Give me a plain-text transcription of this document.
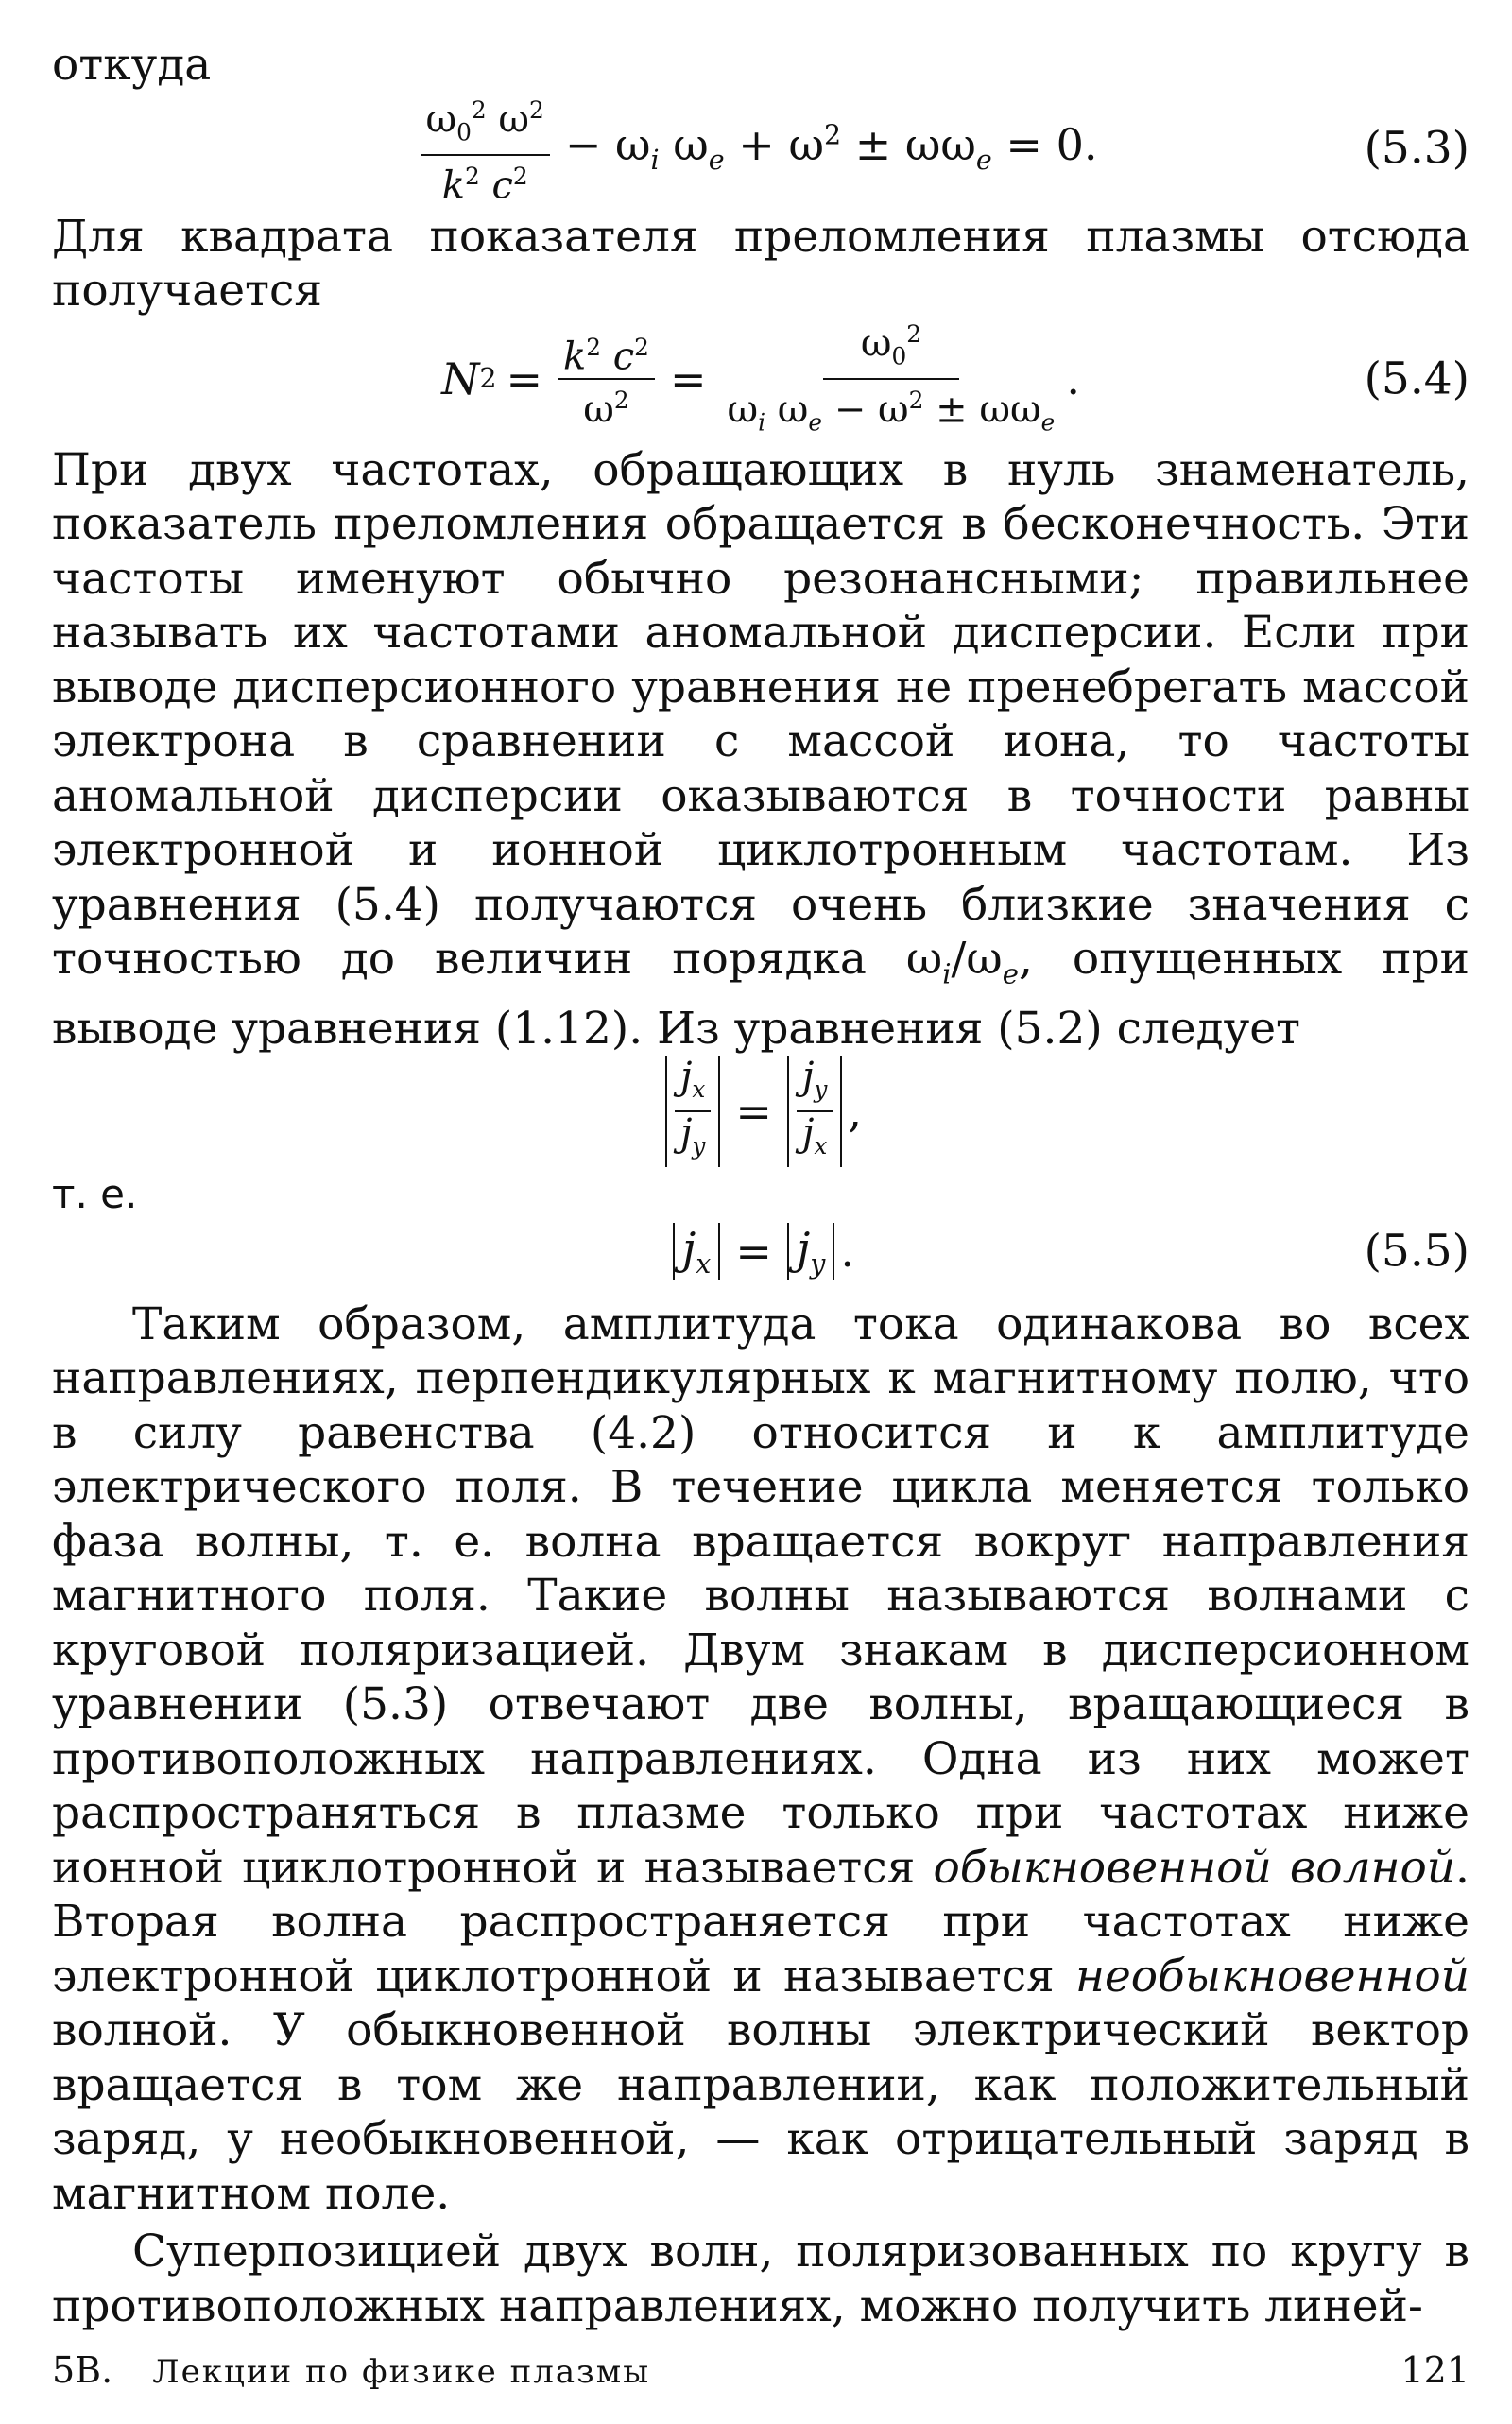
откуда

$\frac{\omega_0^2 \omega^2}{k^2 c^2} - \omega_i$ $\omega_e + \omega^2 \pm \omega\omega_e = 0$.	(5.3)

Для квадрата показателя преломления плазмы отсюда получается

N $2 = \frac{k^2 c^2}{\omega^2} = \frac{\omega_0^2}{\omega_i \omega_e - \omega^2 \pm \omega\omega_e}$ .	(5.4)

При двух частотах, обращающих в нуль знаменатель, показатель преломления обращается в бесконечность. Эти частоты именуют обычно резонансными; правильнее называть их частотами аномальной дисперсии. Если при выводе дисперсионного уравнения не пренебрегать массой электрона в сравнении с массой иона, то частоты аномальной дисперсии оказываются в точности равны электронной и ионной циклотронным частотам. Из уравнения (5.4) получаются очень близкие значения с точностью до величин порядка $\omega_i/\omega_e$, опущенных при выводе уравнения (1.12). Из уравнения (5.2) следует

$\frac{j_x}{j_y} = \frac{j_y}{j_x}$ ,

т. е.

$j_x = j_y$ .	(5.5)

Таким образом, амплитуда тока одинакова во всех направлениях, перпендикулярных к магнитному полю, что в силу равенства (4.2) относится и к амплитуде электрического поля. В течение цикла меняется только фаза волны, т. е. волна вращается вокруг направления магнитного поля. Такие волны называются волнами с круговой поляризацией. Двум знакам в дисперсионном уравнении (5.3) отвечают две волны, вращающиеся в противоположных направлениях. Одна из них может распространяться в плазме только при частотах ниже ионной циклотронной и называется обыкновенной волной. Вторая волна распространяется при частотах ниже электронной циклотронной и называется необыкновенной волной. У обыкновенной волны электрический вектор вращается в том же направлении, как положительный заряд, у необыкновенной, — как отрицательный заряд в магнитном поле.

Суперпозицией двух волн, поляризованных по кругу в противоположных направлениях, можно получить линей-

5В. Лекции по физике плазмы	121
